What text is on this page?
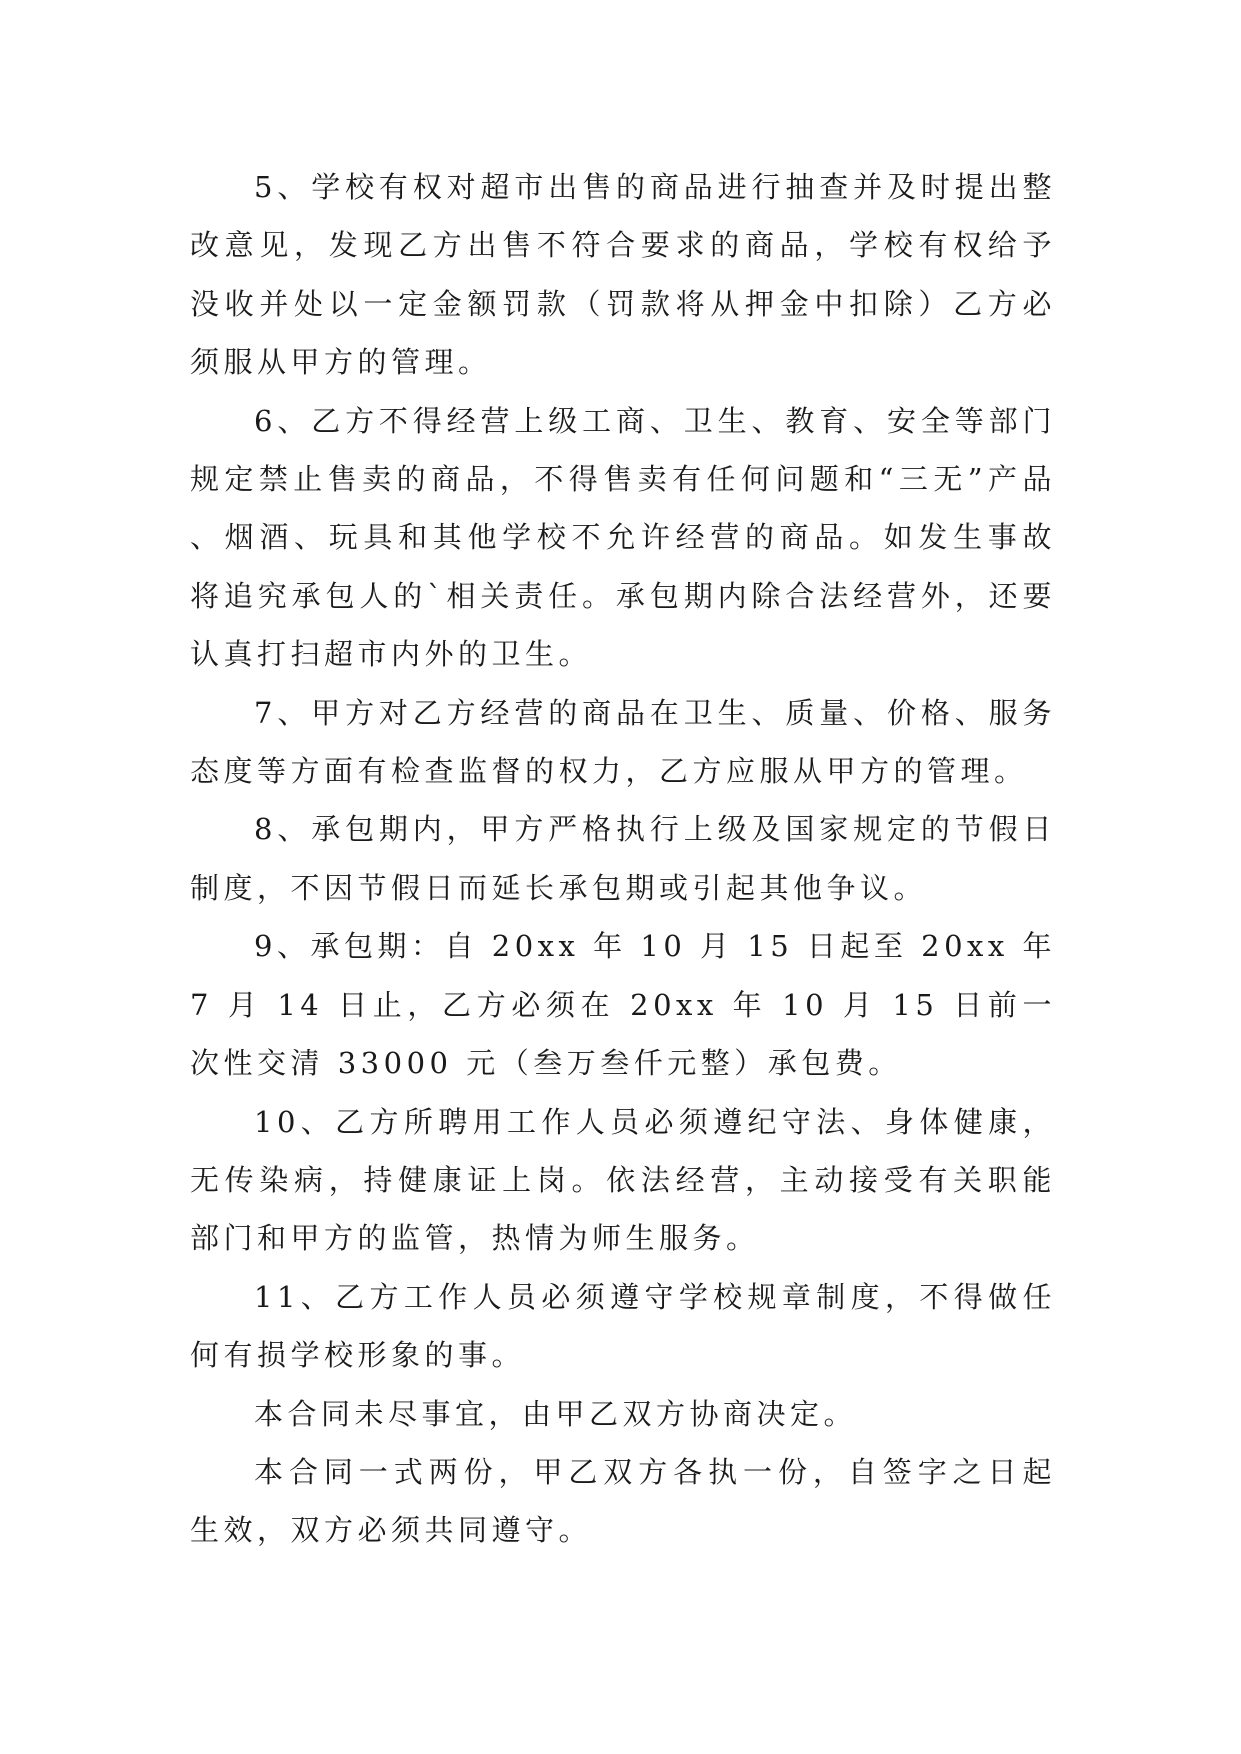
5、学校有权对超市出售的商品进行抽查并及时提出整改意见，发现乙方出售不符合要求的商品，学校有权给予没收并处以一定金额罚款（罚款将从押金中扣除）乙方必须服从甲方的管理。

6、乙方不得经营上级工商、卫生、教育、安全等部门规定禁止售卖的商品，不得售卖有任何问题和“三无”产品、烟酒、玩具和其他学校不允许经营的商品。如发生事故将追究承包人的`相关责任。承包期内除合法经营外，还要认真打扫超市内外的卫生。

7、甲方对乙方经营的商品在卫生、质量、价格、服务态度等方面有检查监督的权力，乙方应服从甲方的管理。

8、承包期内，甲方严格执行上级及国家规定的节假日制度，不因节假日而延长承包期或引起其他争议。

9、承包期：自 20xx 年 10 月 15 日起至 20xx 年 7 月 14 日止，乙方必须在 20xx 年 10 月 15 日前一次性交清 33000 元（叁万叁仟元整）承包费。

10、乙方所聘用工作人员必须遵纪守法、身体健康，无传染病，持健康证上岗。依法经营，主动接受有关职能部门和甲方的监管，热情为师生服务。

11、乙方工作人员必须遵守学校规章制度，不得做任何有损学校形象的事。

本合同未尽事宜，由甲乙双方协商决定。

本合同一式两份，甲乙双方各执一份，自签字之日起生效，双方必须共同遵守。
